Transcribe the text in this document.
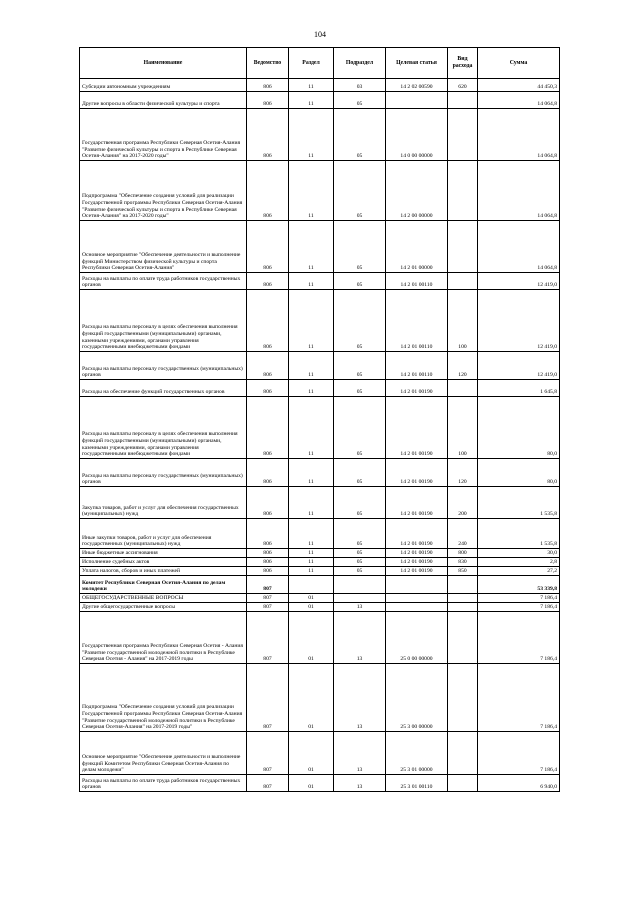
104
Наименование	Ведомство	Раздел	Подраздел	Целевая статья	Вид расхода	Сумма
Субсидии автономным учреждениям	806	11	03	14 2 02 00590	620	44 450,3
Другие вопросы в области физической культуры и спорта	806	11	05			14 064,8
Государственная программа Республики Северная Осетия-Алания "Развитие физической культуры и спорта в Республике Северная Осетия-Алания" на 2017-2020 годы"	806	11	05	14 0 00 00000		14 064,8
Подпрограмма "Обеспечение создания условий для реализации Государственной программы Республики Северная Осетия-Алания "Развитие физической культуры и спорта в Республике Северная Осетия-Алания" на 2017-2020 годы"	806	11	05	14 2 00 00000		14 064,8
Основное мероприятие "Обеспечение деятельности и выполнение функций Министерством физической культуры и спорта Республики Северная Осетия-Алания"	806	11	05	14 2 01 00000		14 064,8
Расходы на выплаты по оплате труда работников государственных органов	806	11	05	14 2 01 00110		12 419,0
Расходы на выплаты персоналу в целях обеспечения выполнения функций государственными (муниципальными) органами, казенными учреждениями, органами управления государственными внебюджетными фондами	806	11	05	14 2 01 00110	100	12 419,0
Расходы на выплаты персоналу государственных (муниципальных) органов	806	11	05	14 2 01 00110	120	12 419,0
Расходы на обеспечение функций государственных органов	806	11	05	14 2 01 00190		1 645,8
Расходы на выплаты персоналу в целях обеспечения выполнения функций государственными (муниципальными) органами, казенными учреждениями, органами управления государственными внебюджетными фондами	806	11	05	14 2 01 00190	100	80,0
Расходы на выплаты персоналу государственных (муниципальных) органов	806	11	05	14 2 01 00190	120	80,0
Закупка товаров, работ и услуг для обеспечения государственных (муниципальных) нужд	806	11	05	14 2 01 00190	200	1 535,8
Иные закупки товаров, работ и услуг для обеспечения государственных (муниципальных) нужд	806	11	05	14 2 01 00190	240	1 535,8
Иные бюджетные ассигнования	806	11	05	14 2 01 00190	800	30,0
Исполнение судебных актов	806	11	05	14 2 01 00190	830	2,8
Уплата налогов, сборов и иных платежей	806	11	05	14 2 01 00190	850	27,2
Комитет Республики Северная Осетия-Алания по делам молодежи	807					53 339,8
ОБЩЕГОСУДАРСТВЕННЫЕ ВОПРОСЫ	807	01				7 186,4
Другие общегосударственные вопросы	807	01	13			7 186,4
Государственная программа Республики Северная Осетия - Алания "Развитие государственной молодежной политики в Республике Северная Осетия - Алания" на 2017-2019 годы	807	01	13	25 0 00 00000		7 186,4
Подпрограмма "Обеспечение создания условий для реализации Государственной программы Республики Северная Осетия-Алания "Развитие государственной молодежной политики в Республике Северная Осетия-Алания" на 2017-2019 годы"	807	01	13	25 3 00 00000		7 186,4
Основное мероприятие "Обеспечение деятельности и выполнение функций Комитетом Республики Северная Осетия-Алания по делам молодежи"	807	01	13	25 3 01 00000		7 186,4
Расходы на выплаты по оплате труда работников государственных органов	807	01	13	25 3 01 00110		6 940,0
